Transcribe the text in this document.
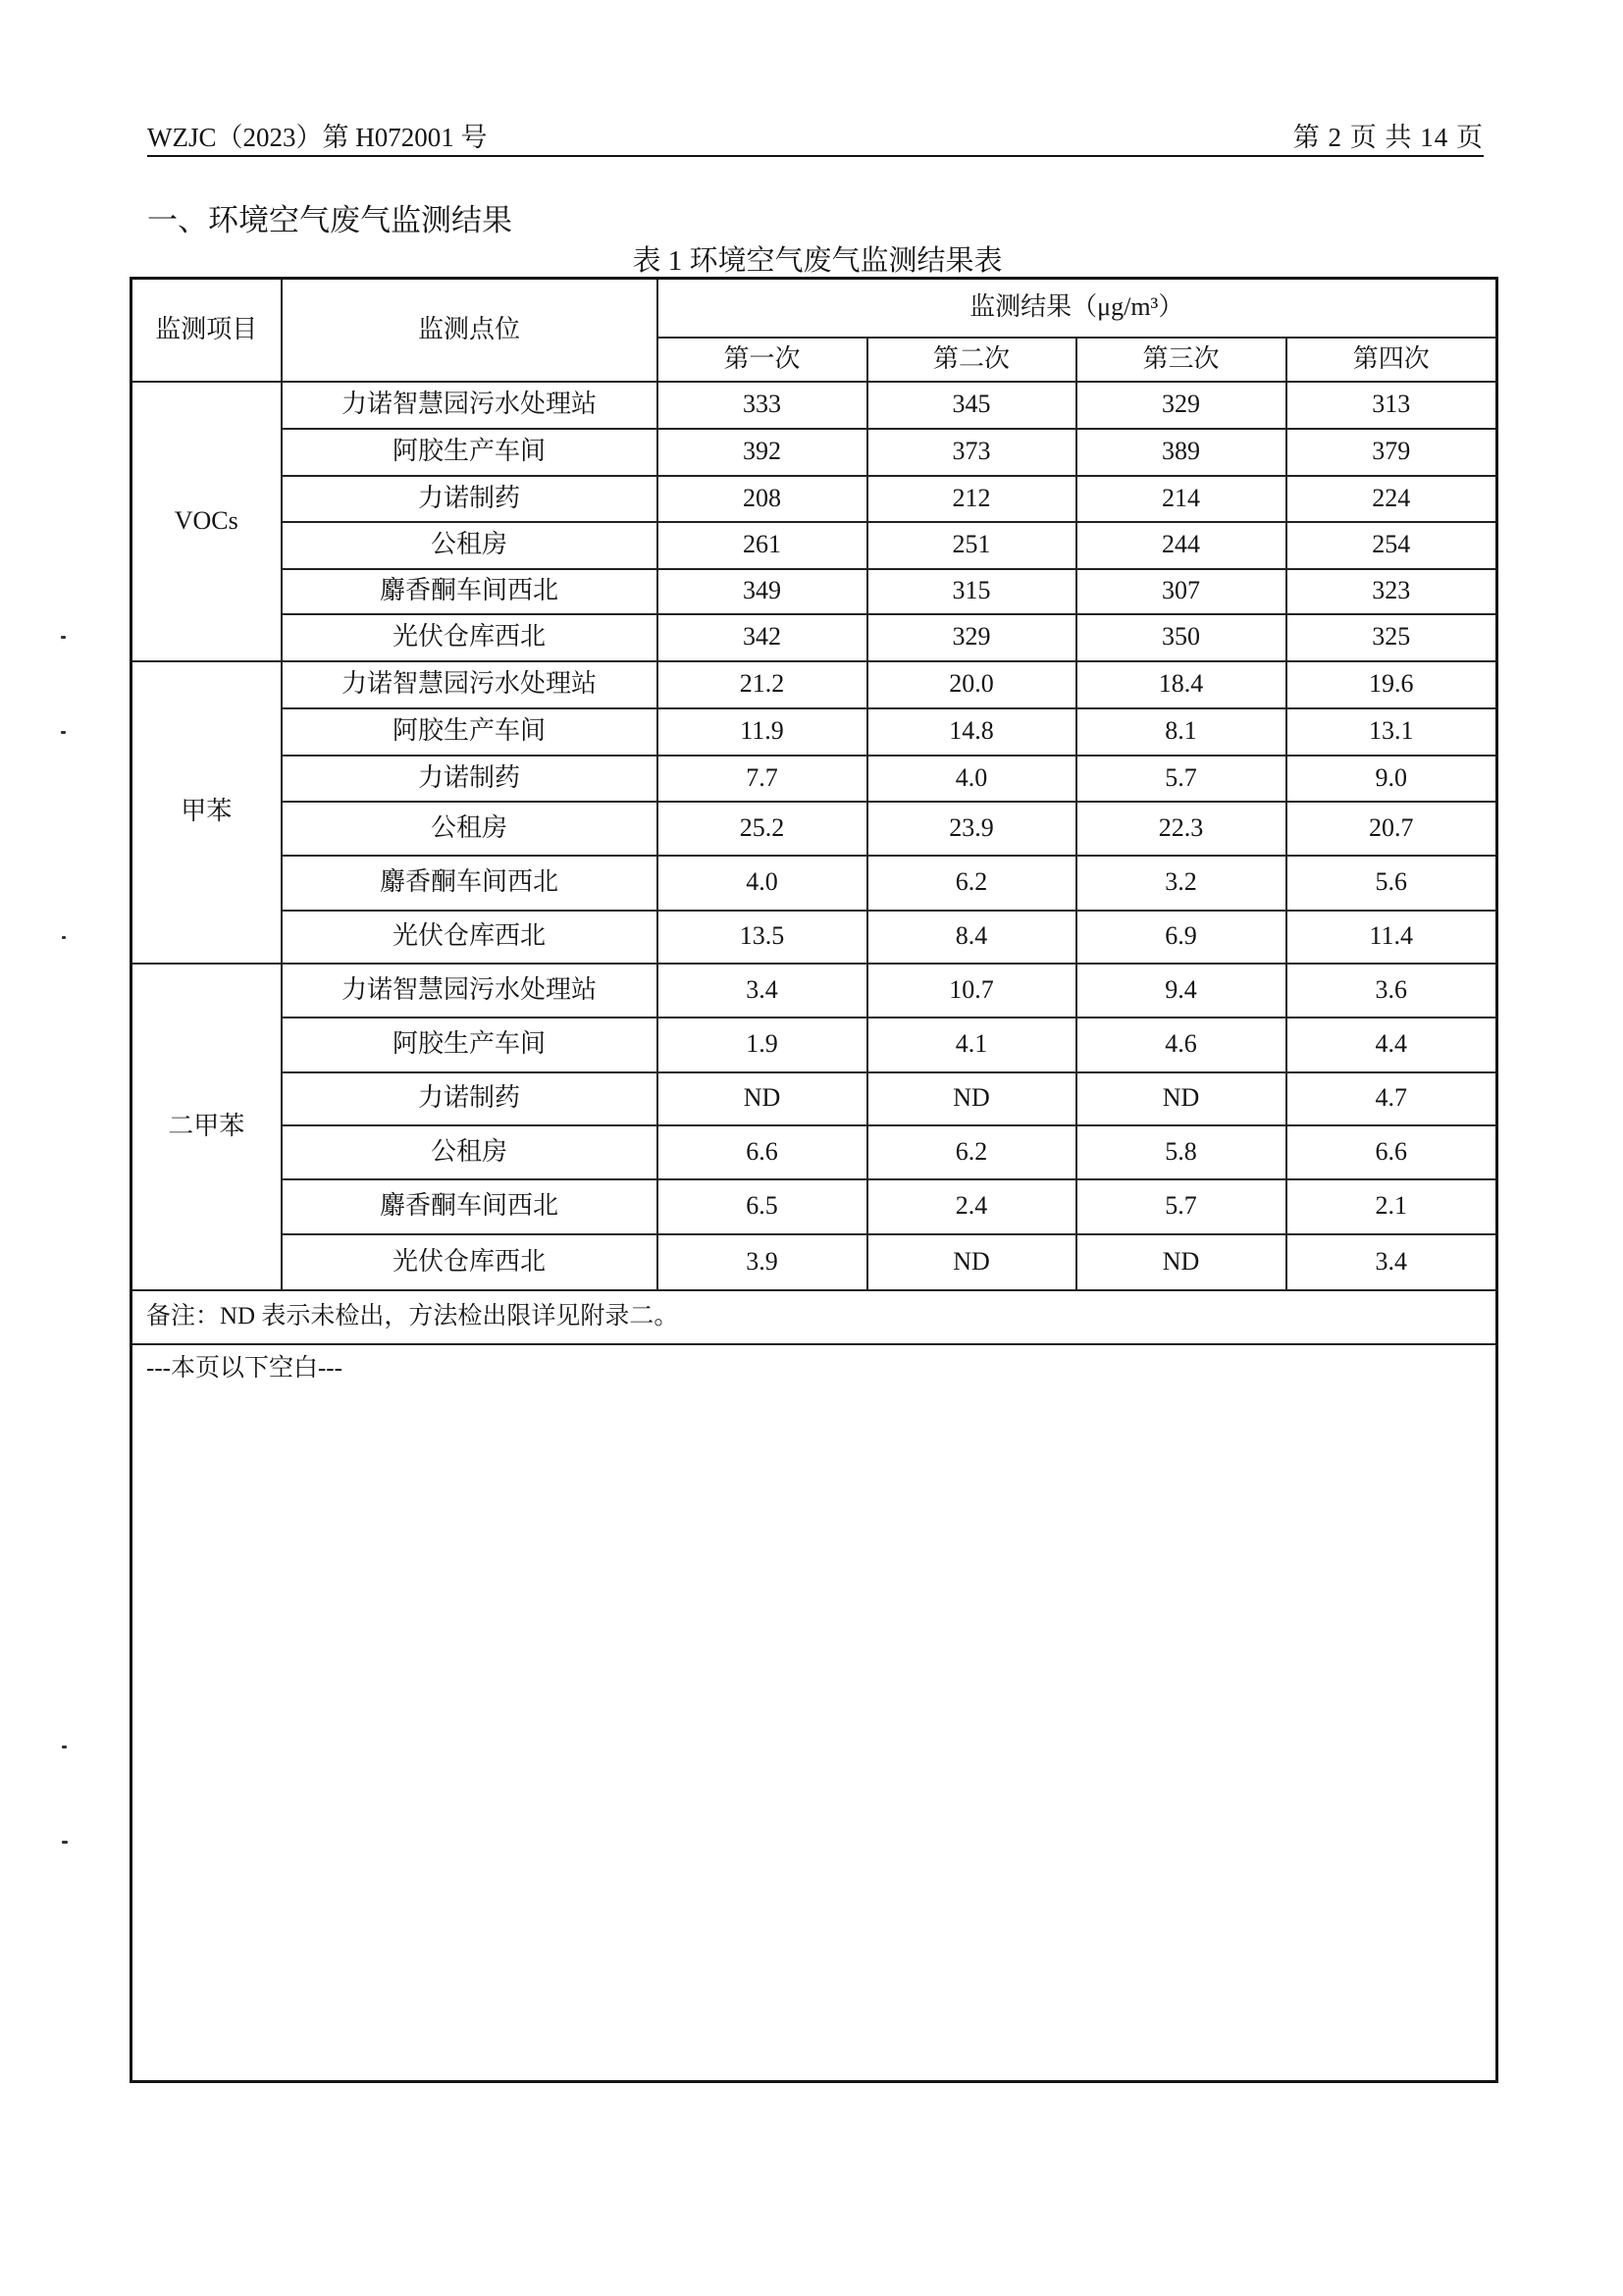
WZJC（2023）第 H072001 号	第 2 页 共 14 页
一、环境空气废气监测结果
表 1 环境空气废气监测结果表
监测项目	监测点位	监测结果（μg/m³）			
		第一次	第二次	第三次	第四次
VOCs	力诺智慧园污水处理站	333	345	329	313
	阿胶生产车间	392	373	389	379
	力诺制药	208	212	214	224
	公租房	261	251	244	254
	麝香酮车间西北	349	315	307	323
	光伏仓库西北	342	329	350	325
甲苯	力诺智慧园污水处理站	21.2	20.0	18.4	19.6
	阿胶生产车间	11.9	14.8	8.1	13.1
	力诺制药	7.7	4.0	5.7	9.0
	公租房	25.2	23.9	22.3	20.7
	麝香酮车间西北	4.0	6.2	3.2	5.6
	光伏仓库西北	13.5	8.4	6.9	11.4
二甲苯	力诺智慧园污水处理站	3.4	10.7	9.4	3.6
	阿胶生产车间	1.9	4.1	4.6	4.4
	力诺制药	ND	ND	ND	4.7
	公租房	6.6	6.2	5.8	6.6
	麝香酮车间西北	6.5	2.4	5.7	2.1
	光伏仓库西北	3.9	ND	ND	3.4
备注：ND 表示未检出，方法检出限详见附录二。					
---本页以下空白---					
